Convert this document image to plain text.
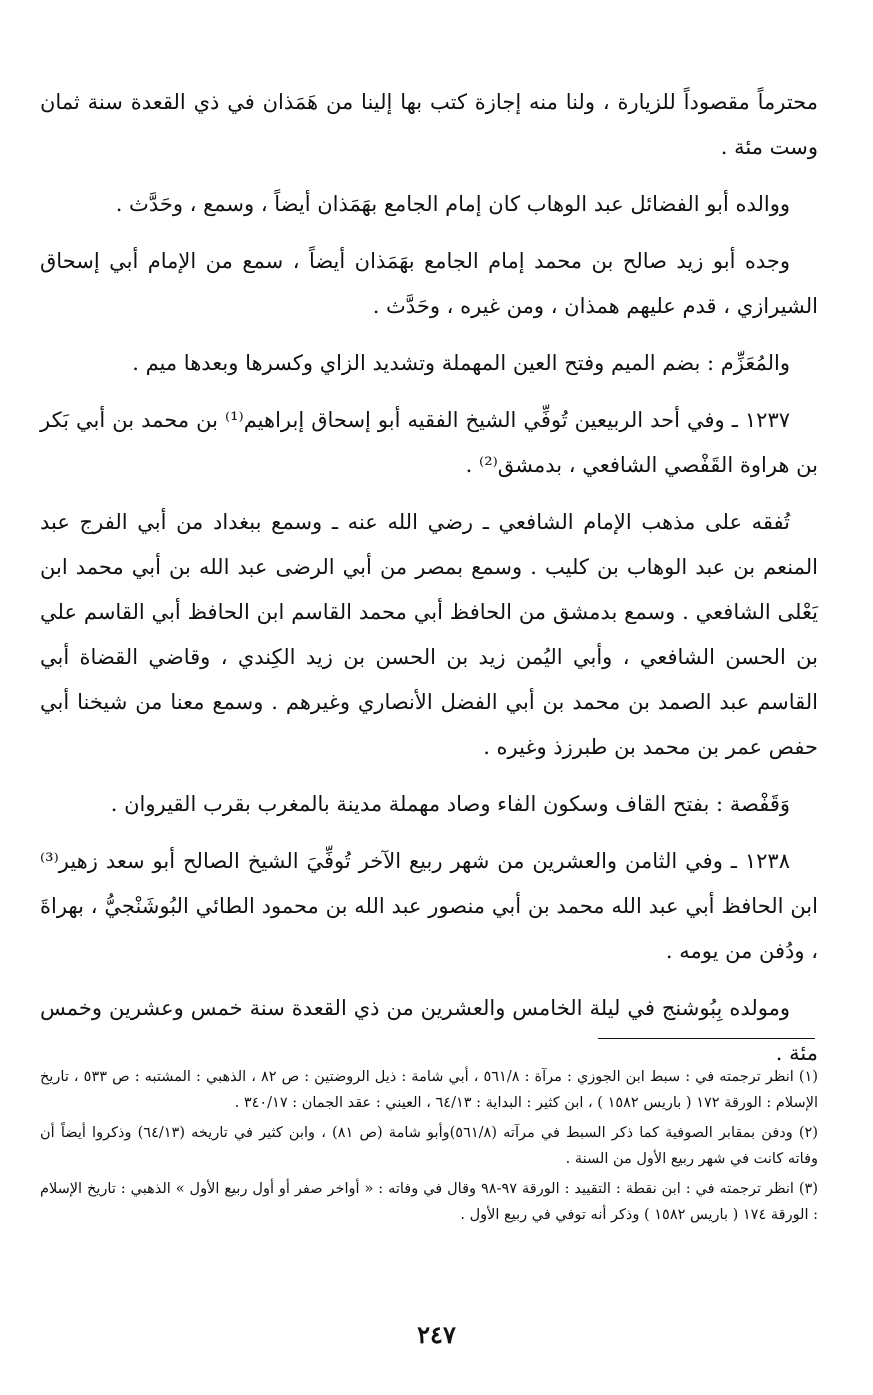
محترماً مقصوداً للزيارة ، ولنا منه إجازة كتب بها إلينا من هَمَذان في ذي القعدة سنة ثمان وست مئة .

ووالده أبو الفضائل عبد الوهاب كان إمام الجامع بهَمَذان أيضاً ، وسمع ، وحَدَّث .

وجده أبو زيد صالح بن محمد إمام الجامع بهَمَذان أيضاً ، سمع من الإمام أبي إسحاق الشيرازي ، قدم عليهم همذان ، ومن غيره ، وحَدَّث .

والمُعَزِّم : بضم الميم وفتح العين المهملة وتشديد الزاي وكسرها وبعدها ميم .

١٢٣٧ ـ وفي أحد الربيعين تُوفِّي الشيخ الفقيه أبو إسحاق إبراهيم⁽¹⁾ بن محمد بن أبي بَكر بن هراوة القَفْصي الشافعي ، بدمشق⁽²⁾ .

تُفقه على مذهب الإمام الشافعي ـ رضي الله عنه ـ وسمع ببغداد من أبي الفرج عبد المنعم بن عبد الوهاب بن كليب . وسمع بمصر من أبي الرضى عبد الله بن أبي محمد ابن يَعْلى الشافعي . وسمع بدمشق من الحافظ أبي محمد القاسم ابن الحافظ أبي القاسم علي بن الحسن الشافعي ، وأبي اليُمن زيد بن الحسن بن زيد الكِندي ، وقاضي القضاة أبي القاسم عبد الصمد بن محمد بن أبي الفضل الأنصاري وغيرهم . وسمع معنا من شيخنا أبي حفص عمر بن محمد بن طبرزذ وغيره .

وَقَفْصة : بفتح القاف وسكون الفاء وصاد مهملة مدينة بالمغرب بقرب القيروان .

١٢٣٨ ـ وفي الثامن والعشرين من شهر ربيع الآخر تُوفِّيَ الشيخ الصالح أبو سعد زهير⁽³⁾ ابن الحافظ أبي عبد الله محمد بن أبي منصور عبد الله بن محمود الطائي البُوشَنْجيُّ ، بهراةَ ، ودُفن من يومه .

ومولده بِبُوشنج في ليلة الخامس والعشرين من ذي القعدة سنة خمس وعشرين وخمس مئة .

(١) انظر ترجمته في : سبط ابن الجوزي : مرآة : ٥٦١/٨ ، أبي شامة : ذيل الروضتين : ص ٨٢ ، الذهبي : المشتبه : ص ٥٣٣ ، تاريخ الإسلام : الورقة ١٧٢ ( باريس ١٥٨٢ ) ، ابن كثير : البداية : ٦٤/١٣ ، العيني : عقد الجمان : ٣٤٠/١٧ .

(٢) ودفن بمقابر الصوفية كما ذكر السبط في مرآته (٥٦١/٨)وأبو شامة (ص ٨١) ، وابن كثير في تاريخه (٦٤/١٣) وذكروا أيضاً أن وفاته كانت في شهر ربيع الأول من السنة .

(٣) انظر ترجمته في : ابن نقطة : التقييد : الورقة ٩٧-٩٨ وقال في وفاته : « أواخر صفر أو أول ربيع الأول » الذهبي : تاريخ الإسلام : الورقة ١٧٤ ( باريس ١٥٨٢ ) وذكر أنه توفي في ربيع الأول .

٢٤٧
